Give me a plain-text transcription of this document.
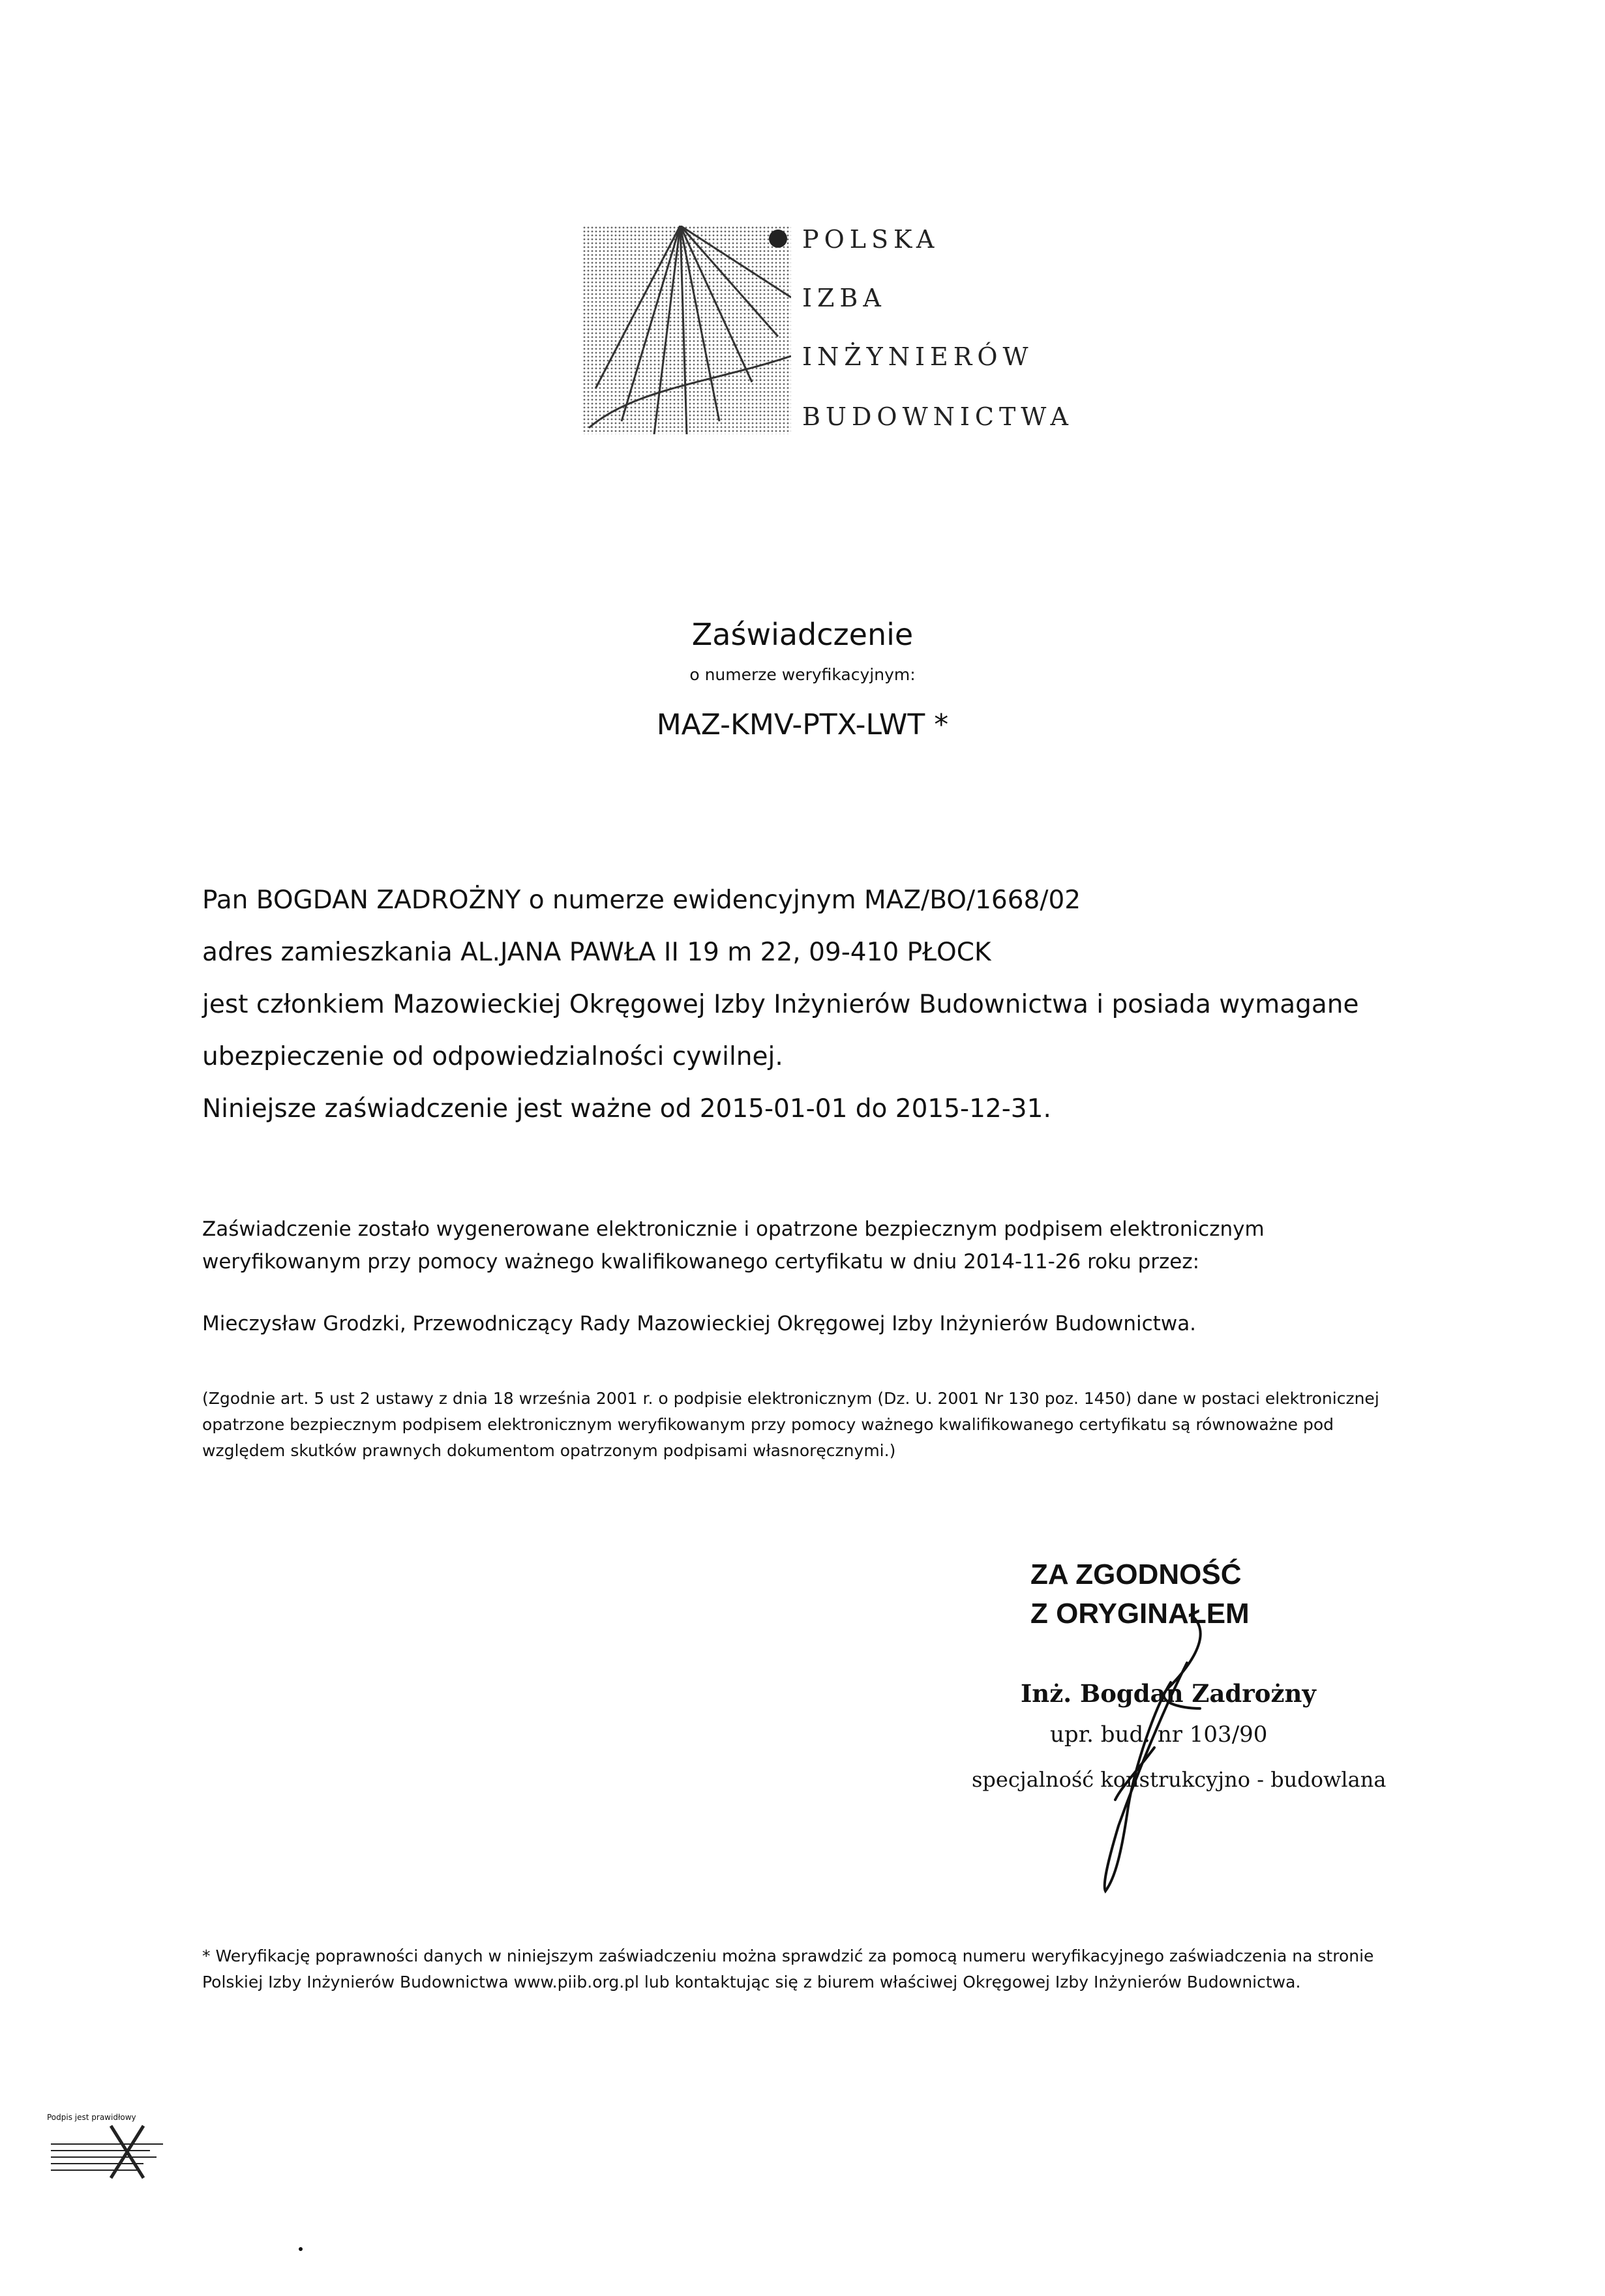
POLSKA
IZBA
INŻYNIERÓW
BUDOWNICTWA
Zaświadczenie
o numerze weryfikacyjnym:
MAZ-KMV-PTX-LWT *
Pan BOGDAN ZADROŻNY o numerze ewidencyjnym MAZ/BO/1668/02
adres zamieszkania AL.JANA PAWŁA II 19 m 22, 09-410 PŁOCK
jest członkiem Mazowieckiej Okręgowej Izby Inżynierów Budownictwa i posiada wymagane
ubezpieczenie od odpowiedzialności cywilnej.
Niniejsze zaświadczenie jest ważne od 2015-01-01 do 2015-12-31.
Zaświadczenie zostało wygenerowane elektronicznie i opatrzone bezpiecznym podpisem elektronicznym weryfikowanym przy pomocy ważnego kwalifikowanego certyfikatu w dniu 2014-11-26 roku przez:
Mieczysław Grodzki, Przewodniczący Rady Mazowieckiej Okręgowej Izby Inżynierów Budownictwa.
(Zgodnie art. 5 ust 2 ustawy z dnia 18 września 2001 r. o podpisie elektronicznym (Dz. U. 2001 Nr 130 poz. 1450) dane w postaci elektronicznej opatrzone bezpiecznym podpisem elektronicznym weryfikowanym przy pomocy ważnego kwalifikowanego certyfikatu są równoważne pod względem skutków prawnych dokumentom opatrzonym podpisami własnoręcznymi.)
ZA ZGODNOŚĆ
Z ORYGINAŁEM
Inż. Bogdan Zadrożny
upr. bud. nr 103/90
specjalność konstrukcyjno - budowlana
* Weryfikację poprawności danych w niniejszym zaświadczeniu można sprawdzić za pomocą numeru weryfikacyjnego zaświadczenia na stronie Polskiej Izby Inżynierów Budownictwa www.piib.org.pl lub kontaktując się z biurem właściwej Okręgowej Izby Inżynierów Budownictwa.
Podpis jest prawidłowy
